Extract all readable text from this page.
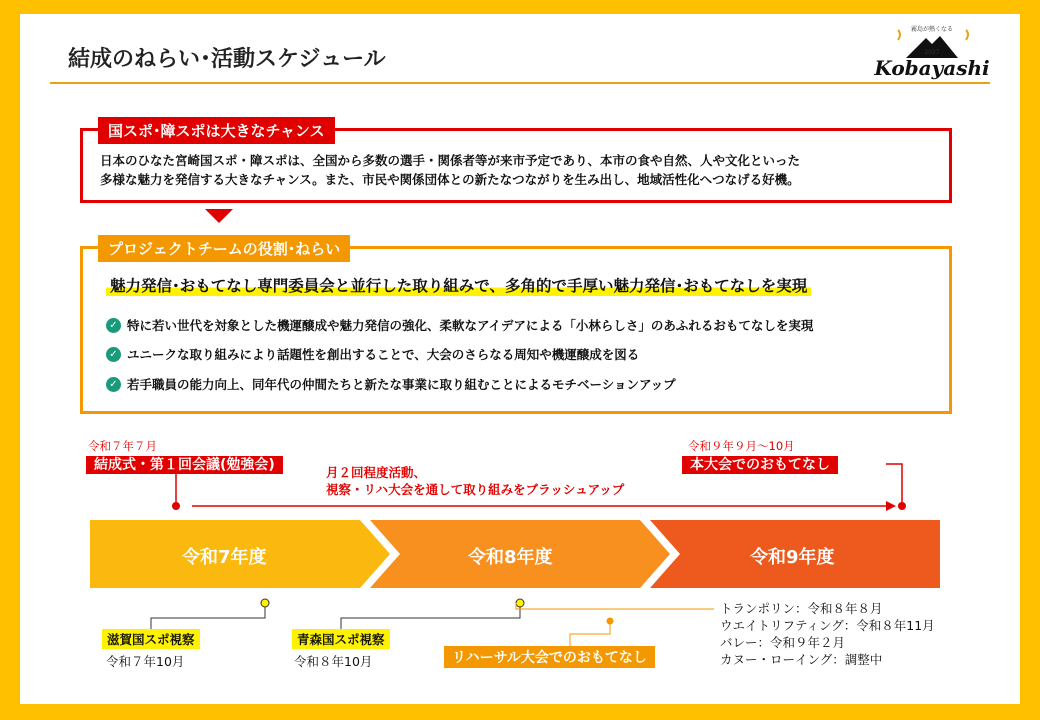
結成のねらい･活動スケジュール
霧島が熱くなる
2027
Kobayashi
国スポ･障スポは大きなチャンス
日本のひなた宮崎国スポ・障スポは、全国から多数の選手・関係者等が来市予定であり、本市の食や自然、人や文化といった
多様な魅力を発信する大きなチャンス。また、市民や関係団体との新たなつながりを生み出し、地域活性化へつなげる好機。
プロジェクトチームの役割･ねらい
魅力発信･おもてなし専門委員会と並行した取り組みで、多角的で手厚い魅力発信･おもてなしを実現
✓ 特に若い世代を対象とした機運醸成や魅力発信の強化、柔軟なアイデアによる「小林らしさ」のあふれるおもてなしを実現
✓ ユニークな取り組みにより話題性を創出することで、大会のさらなる周知や機運醸成を図る
✓ 若手職員の能力向上、同年代の仲間たちと新たな事業に取り組むことによるモチベーションアップ
令和７年７月
結成式・第１回会議(勉強会)	月２回程度活動、
視察・リハ大会を通して取り組みをブラッシュアップ
令和９年９月～10月
本大会でのおもてなし
令和7年度	令和8年度	令和9年度
滋賀国スポ視察
令和７年10月
青森国スポ視察
令和８年10月	リハーサル大会でのおもてなし
トランポリン：令和８年８月
ウエイトリフティング：令和８年11月
バレー：令和９年２月
カヌー・ローイング：調整中
